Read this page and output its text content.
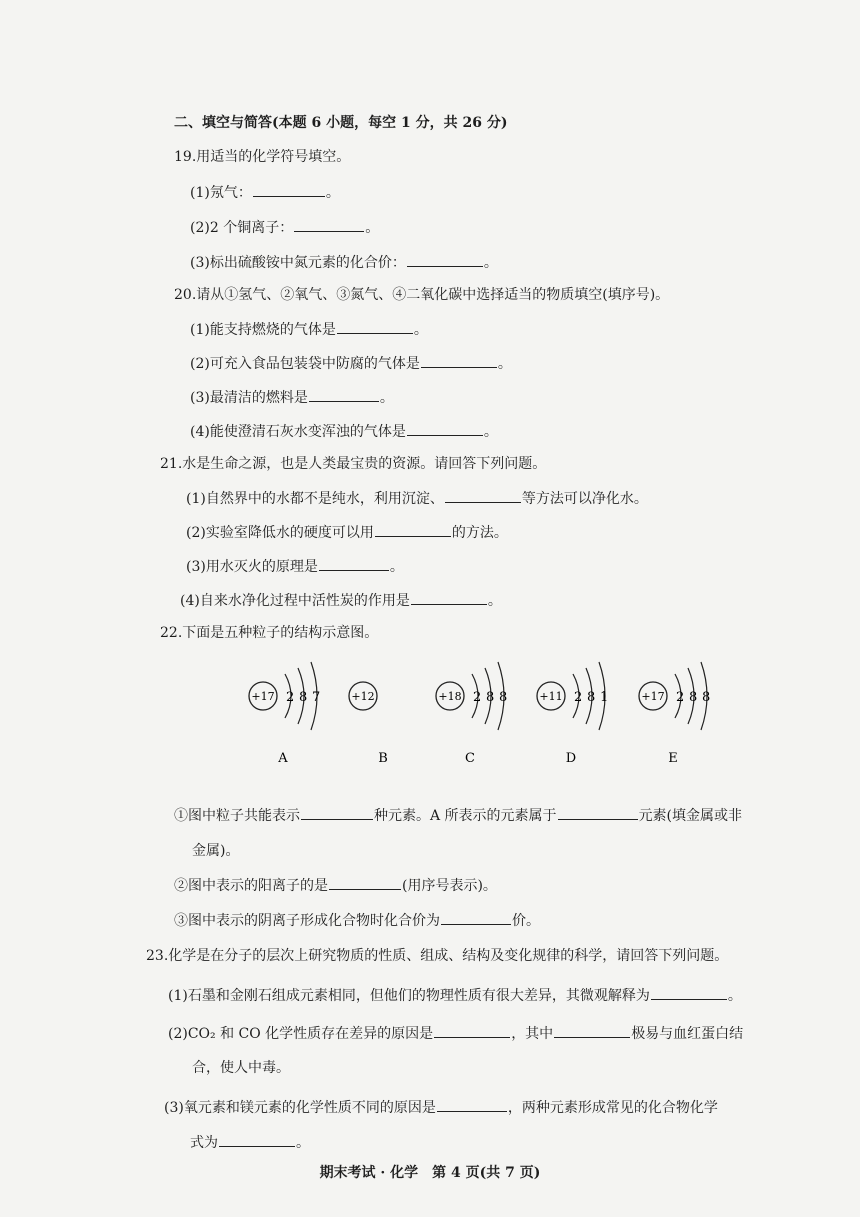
二、填空与简答(本题 6 小题，每空 1 分，共 26 分)
19.用适当的化学符号填空。
(1)氖气：	。
(2)2 个铜离子：	。
(3)标出硫酸铵中氮元素的化合价：	。
20.请从①氢气、②氧气、③氮气、④二氧化碳中选择适当的物质填空(填序号)。
(1)能支持燃烧的气体是	。
(2)可充入食品包装袋中防腐的气体是	。
(3)最清洁的燃料是	。
(4)能使澄清石灰水变浑浊的气体是	。
21.水是生命之源，也是人类最宝贵的资源。请回答下列问题。
(1)自然界中的水都不是纯水，利用沉淀、	等方法可以净化水。
(2)实验室降低水的硬度可以用	的方法。
(3)用水灭火的原理是	。
(4)自来水净化过程中活性炭的作用是	。
22.下面是五种粒子的结构示意图。
+17 2 8 7
A
+12
B
+18 2 8 8
C
+11 2 8 1
D
+17 2 8 8
E
①图中粒子共能表示	种元素。A 所表示的元素属于	元素(填金属或非
金属)。
②图中表示的阳离子的是	(用序号表示)。
③图中表示的阴离子形成化合物时化合价为	价。
23.化学是在分子的层次上研究物质的性质、组成、结构及变化规律的科学，请回答下列问题。
(1)石墨和金刚石组成元素相同，但他们的物理性质有很大差异，其微观解释为	。
(2)CO₂ 和 CO 化学性质存在差异的原因是	，其中	极易与血红蛋白结
合，使人中毒。
(3)氧元素和镁元素的化学性质不同的原因是	，两种元素形成常见的化合物化学
式为	。
期末考试 · 化学　第 4 页(共 7 页)
